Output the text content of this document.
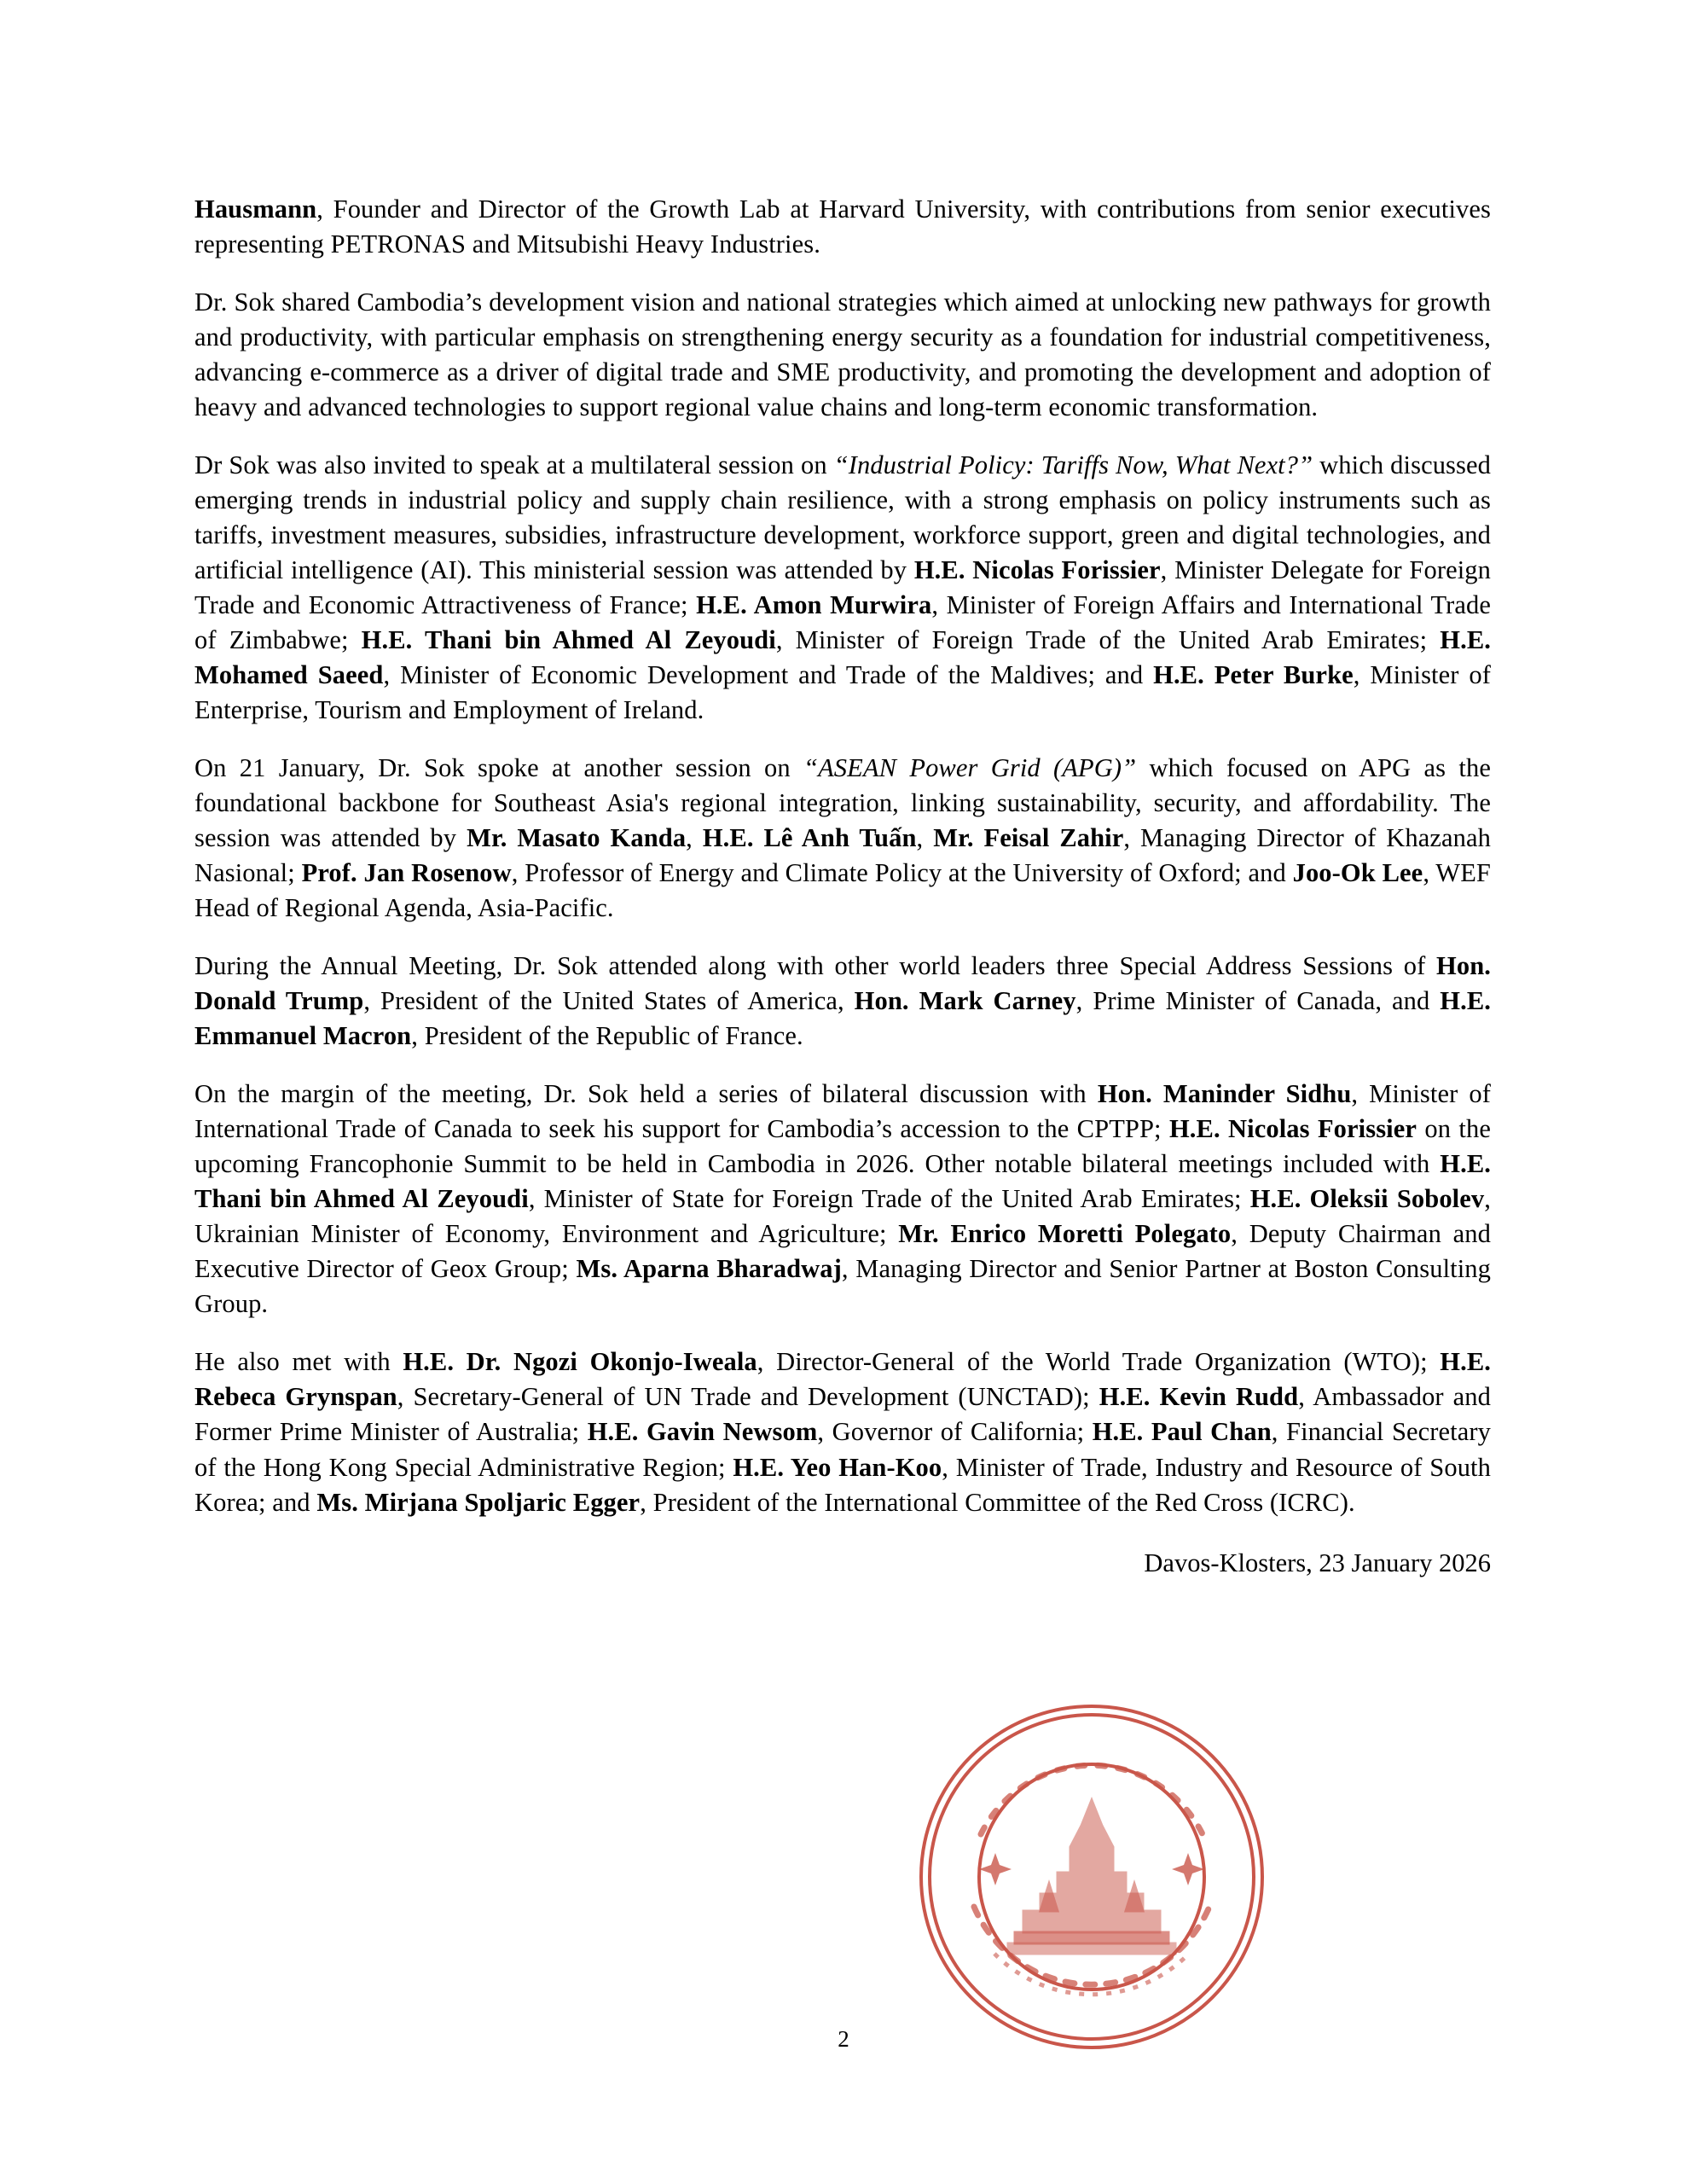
Hausmann, Founder and Director of the Growth Lab at Harvard University, with contributions from senior executives representing PETRONAS and Mitsubishi Heavy Industries.

Dr. Sok shared Cambodia’s development vision and national strategies which aimed at unlocking new pathways for growth and productivity, with particular emphasis on strengthening energy security as a foundation for industrial competitiveness, advancing e-commerce as a driver of digital trade and SME productivity, and promoting the development and adoption of heavy and advanced technologies to support regional value chains and long-term economic transformation.

Dr Sok was also invited to speak at a multilateral session on “Industrial Policy: Tariffs Now, What Next?” which discussed emerging trends in industrial policy and supply chain resilience, with a strong emphasis on policy instruments such as tariffs, investment measures, subsidies, infrastructure development, workforce support, green and digital technologies, and artificial intelligence (AI). This ministerial session was attended by H.E. Nicolas Forissier, Minister Delegate for Foreign Trade and Economic Attractiveness of France; H.E. Amon Murwira, Minister of Foreign Affairs and International Trade of Zimbabwe; H.E. Thani bin Ahmed Al Zeyoudi, Minister of Foreign Trade of the United Arab Emirates; H.E. Mohamed Saeed, Minister of Economic Development and Trade of the Maldives; and H.E. Peter Burke, Minister of Enterprise, Tourism and Employment of Ireland.

On 21 January, Dr. Sok spoke at another session on “ASEAN Power Grid (APG)” which focused on APG as the foundational backbone for Southeast Asia's regional integration, linking sustainability, security, and affordability. The session was attended by Mr. Masato Kanda, H.E. Lê Anh Tuấn, Mr. Feisal Zahir, Managing Director of Khazanah Nasional; Prof. Jan Rosenow, Professor of Energy and Climate Policy at the University of Oxford; and Joo-Ok Lee, WEF Head of Regional Agenda, Asia-Pacific.

During the Annual Meeting, Dr. Sok attended along with other world leaders three Special Address Sessions of Hon. Donald Trump, President of the United States of America, Hon. Mark Carney, Prime Minister of Canada, and H.E. Emmanuel Macron, President of the Republic of France.

On the margin of the meeting, Dr. Sok held a series of bilateral discussion with Hon. Maninder Sidhu, Minister of International Trade of Canada to seek his support for Cambodia’s accession to the CPTPP; H.E. Nicolas Forissier on the upcoming Francophonie Summit to be held in Cambodia in 2026. Other notable bilateral meetings included with H.E. Thani bin Ahmed Al Zeyoudi, Minister of State for Foreign Trade of the United Arab Emirates; H.E. Oleksii Sobolev, Ukrainian Minister of Economy, Environment and Agriculture; Mr. Enrico Moretti Polegato, Deputy Chairman and Executive Director of Geox Group; Ms. Aparna Bharadwaj, Managing Director and Senior Partner at Boston Consulting Group.

He also met with H.E. Dr. Ngozi Okonjo-Iweala, Director-General of the World Trade Organization (WTO); H.E. Rebeca Grynspan, Secretary-General of UN Trade and Development (UNCTAD); H.E. Kevin Rudd, Ambassador and Former Prime Minister of Australia; H.E. Gavin Newsom, Governor of California; H.E. Paul Chan, Financial Secretary of the Hong Kong Special Administrative Region; H.E. Yeo Han-Koo, Minister of Trade, Industry and Resource of South Korea; and Ms. Mirjana Spoljaric Egger, President of the International Committee of the Red Cross (ICRC).

Davos-Klosters, 23 January 2026
2
